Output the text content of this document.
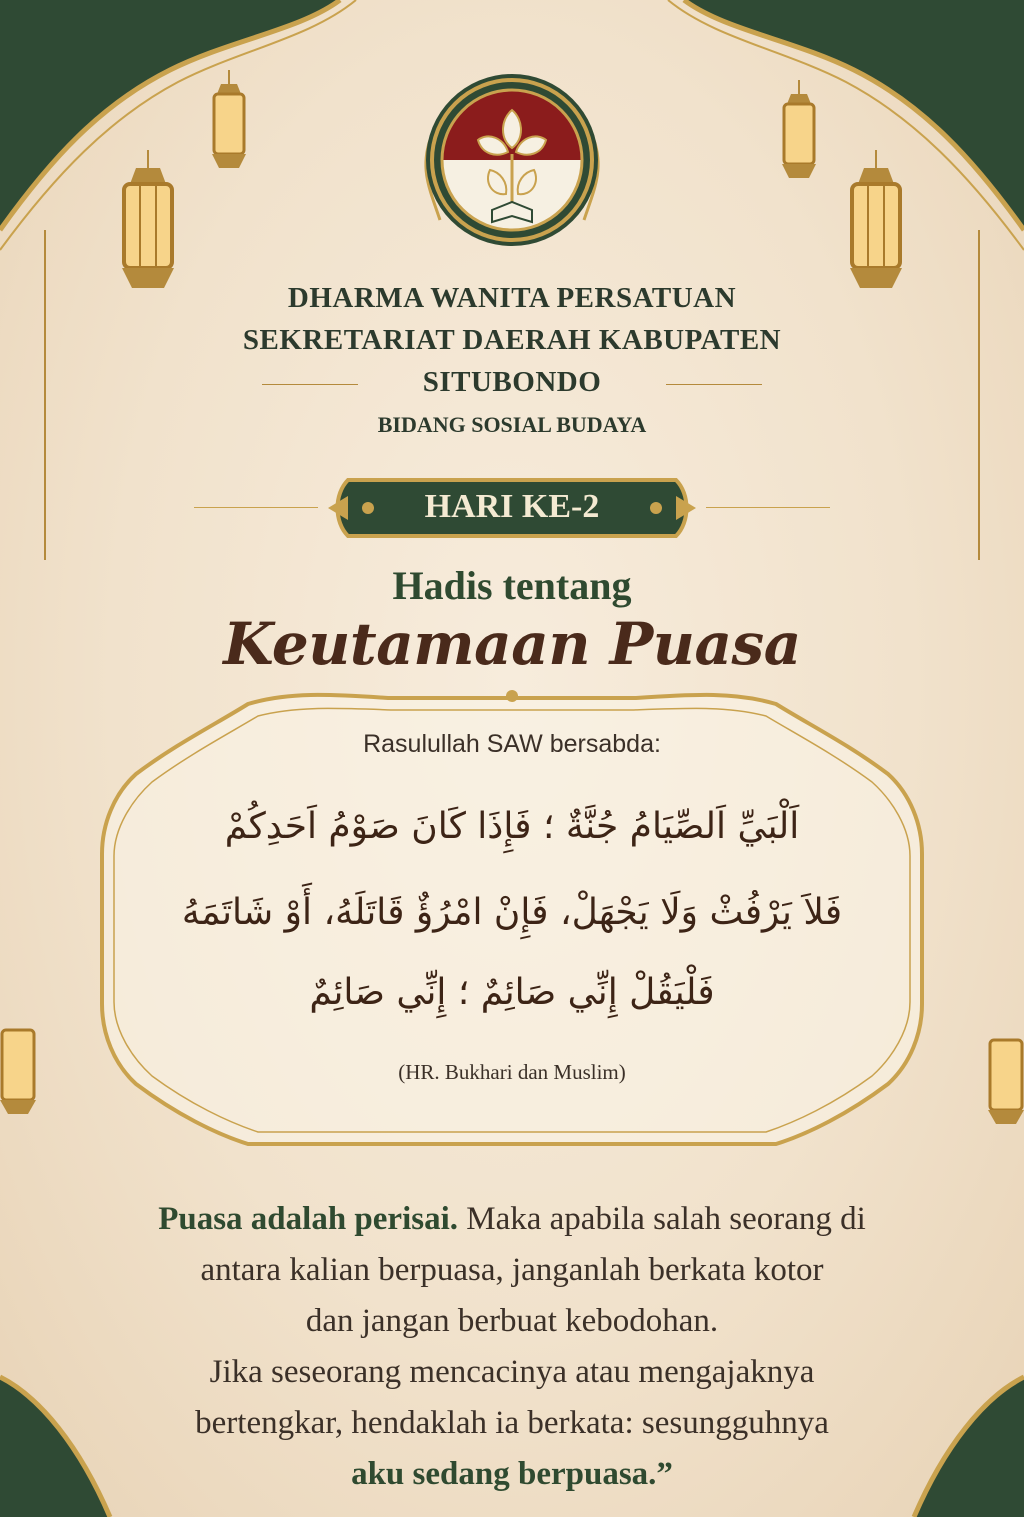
DHARMA WANITA PERSATUAN
SEKRETARIAT DAERAH KABUPATEN
SITUBONDO
BIDANG SOSIAL BUDAYA
HARI KE-2
Hadis tentang
Keutamaan Puasa
Rasulullah SAW bersabda:
اَلْبَيِّ اَلصِّيَامُ جُنَّةٌ ؛ فَإِذَا كَانَ صَوْمُ اَحَدِكُمْ
فَلاَ يَرْفُثْ وَلَا يَجْهَلْ، فَإِنْ امْرُؤٌ قَاتَلَهُ، أَوْ شَاتَمَهُ
فَلْيَقُلْ إِنِّي صَائِمٌ ؛ إِنِّي صَائِمٌ
(HR. Bukhari dan Muslim)
Puasa adalah perisai. Maka apabila salah seorang di
antara kalian berpuasa, janganlah berkata kotor
dan jangan berbuat kebodohan.
Jika seseorang mencacinya atau mengajaknya
bertengkar, hendaklah ia berkata: sesungguhnya
aku sedang berpuasa.”
